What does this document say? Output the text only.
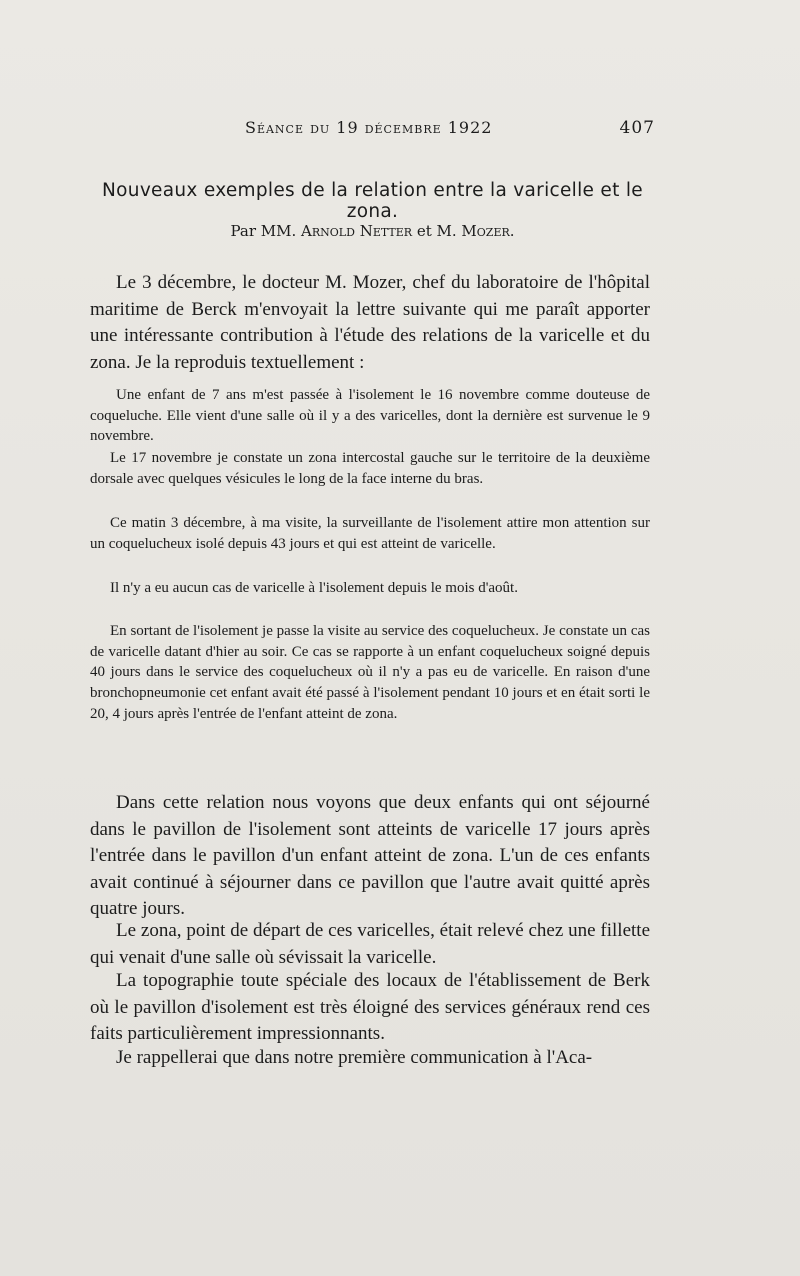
Séance du 19 décembre 1922	407
Nouveaux exemples de la relation entre la varicelle et le zona.
Par MM. Arnold Netter et M. Mozer.

Le 3 décembre, le docteur M. Mozer, chef du laboratoire de l'hôpital maritime de Berck m'envoyait la lettre suivante qui me paraît apporter une intéressante contribution à l'étude des relations de la varicelle et du zona. Je la reproduis textuellement :

Une enfant de 7 ans m'est passée à l'isolement le 16 novembre comme douteuse de coqueluche. Elle vient d'une salle où il y a des varicelles, dont la dernière est survenue le 9 novembre.

Le 17 novembre je constate un zona intercostal gauche sur le territoire de la deuxième dorsale avec quelques vésicules le long de la face interne du bras.

Ce matin 3 décembre, à ma visite, la surveillante de l'isolement attire mon attention sur un coquelucheux isolé depuis 43 jours et qui est atteint de varicelle.

Il n'y a eu aucun cas de varicelle à l'isolement depuis le mois d'août.

En sortant de l'isolement je passe la visite au service des coquelucheux. Je constate un cas de varicelle datant d'hier au soir. Ce cas se rapporte à un enfant coquelucheux soigné depuis 40 jours dans le service des coquelucheux où il n'y a pas eu de varicelle. En raison d'une bronchopneumonie cet enfant avait été passé à l'isolement pendant 10 jours et en était sorti le 20, 4 jours après l'entrée de l'enfant atteint de zona.

Dans cette relation nous voyons que deux enfants qui ont séjourné dans le pavillon de l'isolement sont atteints de varicelle 17 jours après l'entrée dans le pavillon d'un enfant atteint de zona. L'un de ces enfants avait continué à séjourner dans ce pavillon que l'autre avait quitté après quatre jours.

Le zona, point de départ de ces varicelles, était relevé chez une fillette qui venait d'une salle où sévissait la varicelle.

La topographie toute spéciale des locaux de l'établissement de Berk où le pavillon d'isolement est très éloigné des services généraux rend ces faits particulièrement impressionnants.

Je rappellerai que dans notre première communication à l'Aca-
